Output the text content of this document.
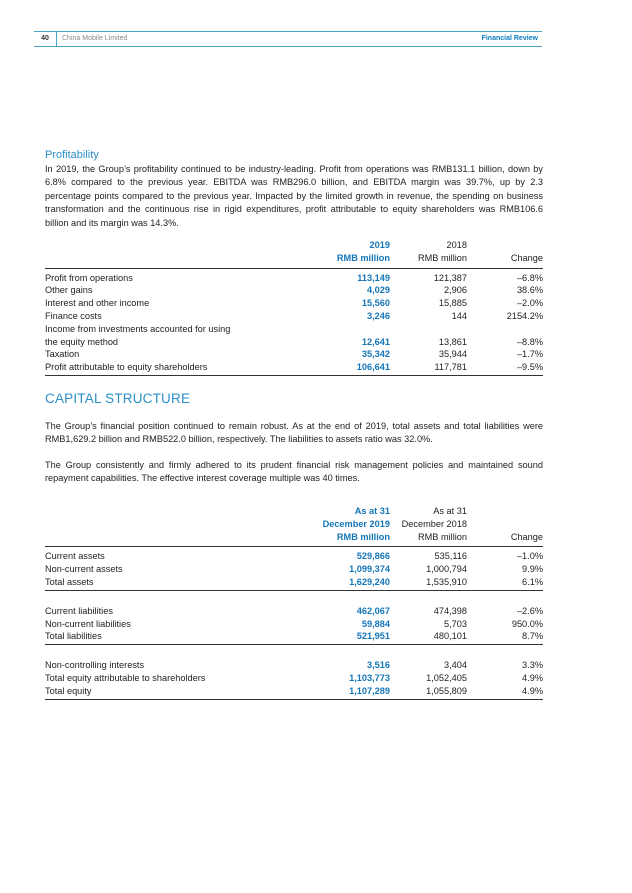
40	China Mobile Limited	Financial Review
Profitability

In 2019, the Group’s profitability continued to be industry-leading. Profit from operations was RMB131.1 billion, down by 6.8% compared to the previous year. EBITDA was RMB296.0 billion, and EBITDA margin was 39.7%, up by 2.3 percentage points compared to the previous year. Impacted by the limited growth in revenue, the spending on business transformation and the continuous rise in rigid expenditures, profit attributable to equity shareholders was RMB106.6 billion and its margin was 14.3%.

	2019	2018	
	RMB million	RMB million	Change
Profit from operations	113,149	121,387	–6.8%
Other gains	4,029	2,906	38.6%
Interest and other income	15,560	15,885	–2.0%
Finance costs	3,246	144	2154.2%
Income from investments accounted for using			
the equity method	12,641	13,861	–8.8%
Taxation	35,342	35,944	–1.7%
Profit attributable to equity shareholders	106,641	117,781	–9.5%
CAPITAL STRUCTURE

The Group’s financial position continued to remain robust. As at the end of 2019, total assets and total liabilities were RMB1,629.2 billion and RMB522.0 billion, respectively. The liabilities to assets ratio was 32.0%.

The Group consistently and firmly adhered to its prudent financial risk management policies and maintained sound repayment capabilities. The effective interest coverage multiple was 40 times.

	As at 31	As at 31	
	December 2019	December 2018	
	RMB million	RMB million	Change
Current assets	529,866	535,116	–1.0%
Non-current assets	1,099,374	1,000,794	9.9%
Total assets	1,629,240	1,535,910	6.1%

Current liabilities	462,067	474,398	–2.6%
Non-current liabilities	59,884	5,703	950.0%
Total liabilities	521,951	480,101	8.7%

Non-controlling interests	3,516	3,404	3.3%
Total equity attributable to shareholders	1,103,773	1,052,405	4.9%
Total equity	1,107,289	1,055,809	4.9%
